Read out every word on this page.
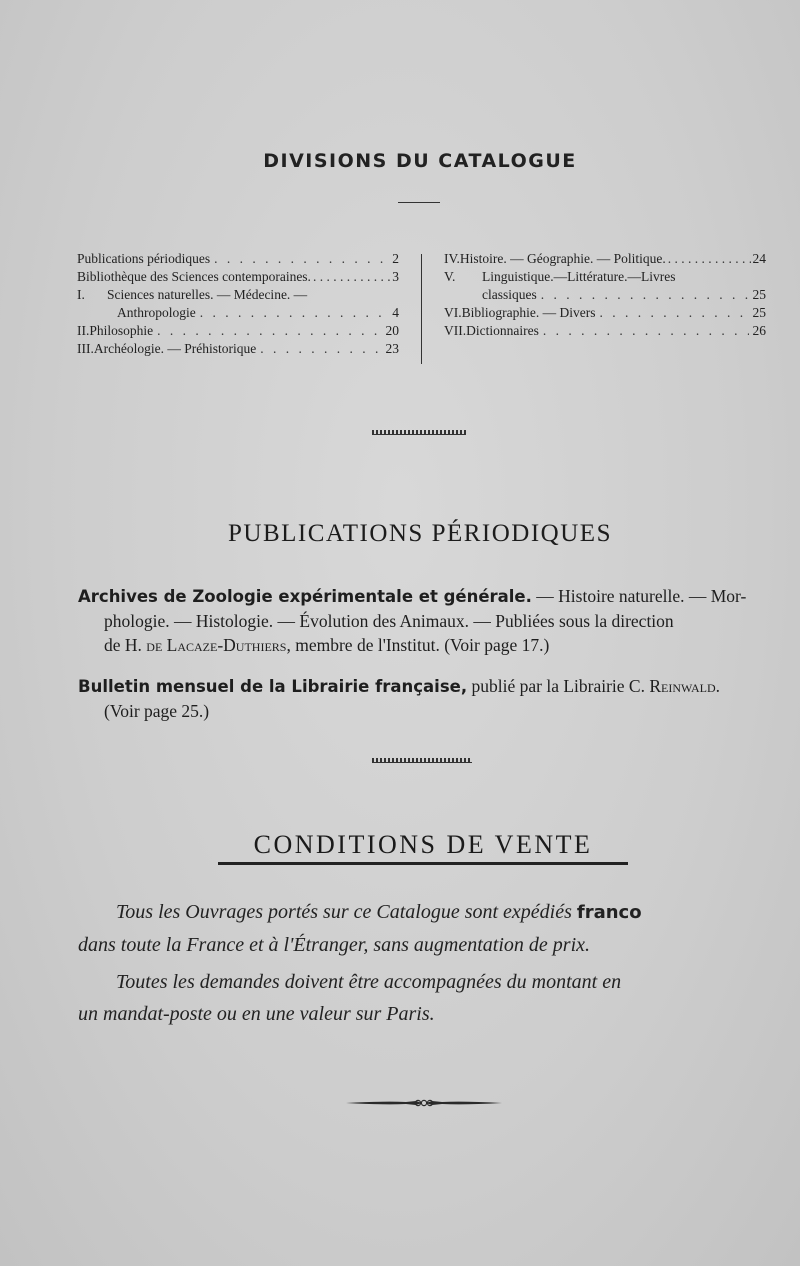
DIVISIONS DU CATALOGUE
Publications périodiques . . .	2
Bibliothèque des Sciences contemporaines. . . .	3
I. Sciences naturelles. — Médecine. —
Anthropologie . . .	4
II. Philosophie . . .	20
III. Archéologie. — Préhistorique . . .	23
IV. Histoire. — Géographie. — Politique. . . .	24
V. Linguistique.—Littérature.—Livres
classiques . . .	25
VI. Bibliographie. — Divers . . .	25
VII. Dictionnaires . . .	26
PUBLICATIONS PÉRIODIQUES
Archives de Zoologie expérimentale et générale. — Histoire naturelle. — Mor-
phologie. — Histologie. — Évolution des Animaux. — Publiées sous la direction
de H. de Lacaze-Duthiers, membre de l'Institut. (Voir page 17.)
Bulletin mensuel de la Librairie française, publié par la Librairie C. Reinwald.
(Voir page 25.)
CONDITIONS DE VENTE
Tous les Ouvrages portés sur ce Catalogue sont expédiés franco
dans toute la France et à l'Étranger, sans augmentation de prix.
Toutes les demandes doivent être accompagnées du montant en
un mandat-poste ou en une valeur sur Paris.
